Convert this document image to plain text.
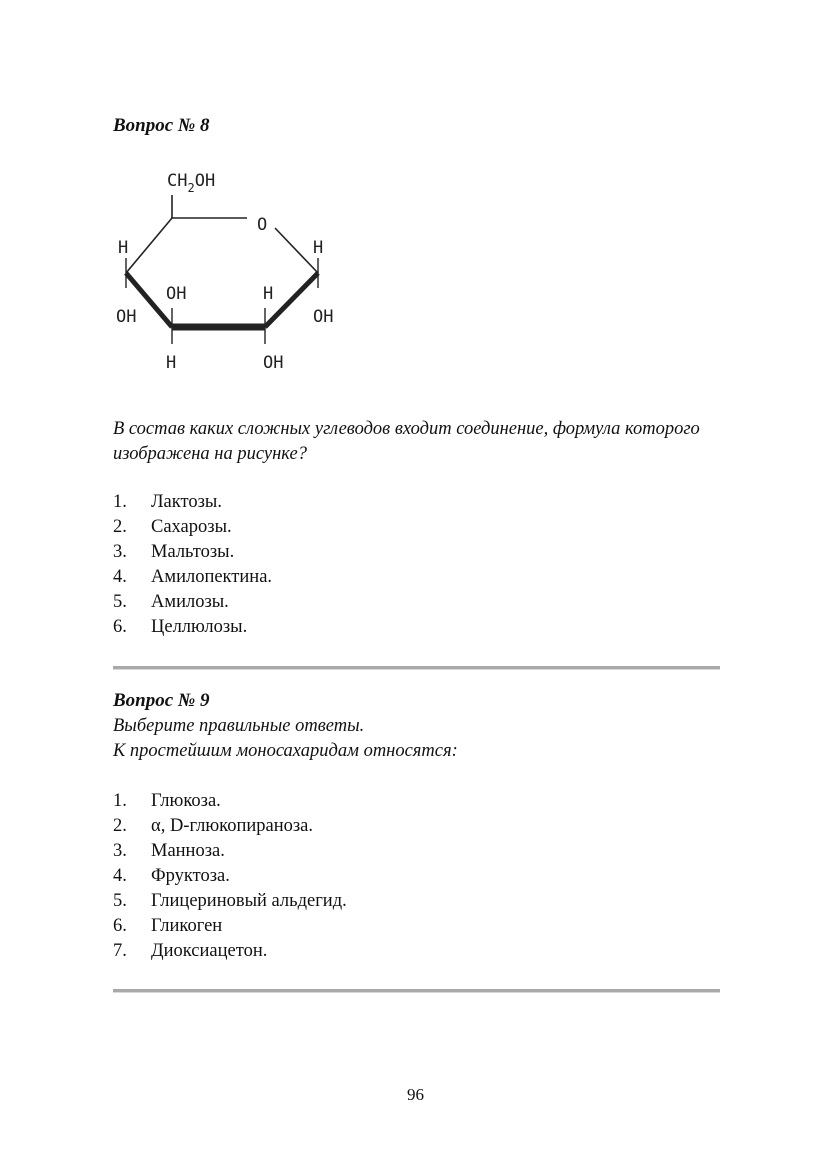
Вопрос № 8
$CH_2OH$
O
H
OH
OH	H
H	OH
H
OH
В состав каких сложных углеводов входит соединение, формула которого изображена на рисунке?
1. Лактозы.
2. Сахарозы.
3. Мальтозы.
4. Амилопектина.
5. Амилозы.
6. Целлюлозы.
Вопрос № 9
Выберите правильные ответы.
К простейшим моносахаридам относятся:
1. Глюкоза.
2. α, D-глюкопираноза.
3. Манноза.
4. Фруктоза.
5. Глицериновый альдегид.
6. Гликоген
7. Диоксиацетон.
96
